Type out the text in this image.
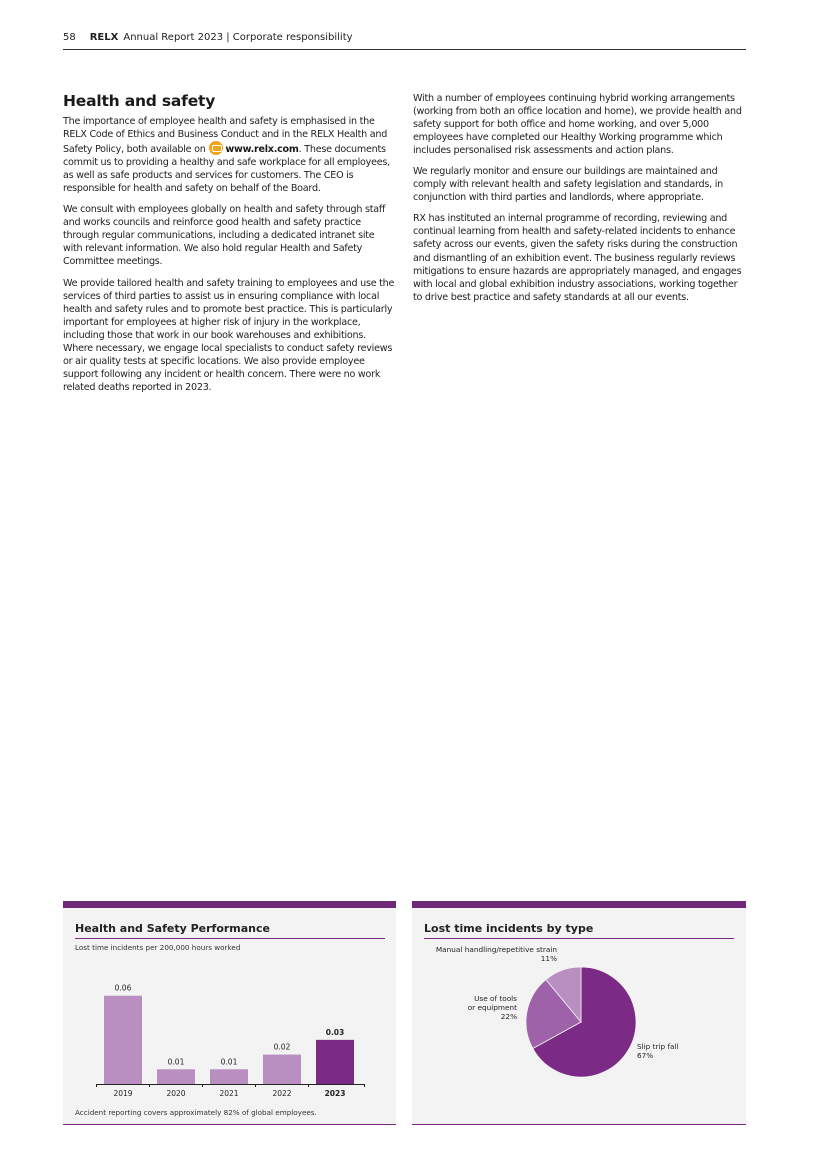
58 RELX Annual Report 2023 | Corporate responsibility
Health and safety

The importance of employee health and safety is emphasised in the RELX Code of Ethics and Business Conduct and in the RELX Health and Safety Policy, both available on www.relx.com. These documents commit us to providing a healthy and safe workplace for all employees, as well as safe products and services for customers. The CEO is responsible for health and safety on behalf of the Board.

We consult with employees globally on health and safety through staff and works councils and reinforce good health and safety practice through regular communications, including a dedicated intranet site with relevant information. We also hold regular Health and Safety Committee meetings.

We provide tailored health and safety training to employees and use the services of third parties to assist us in ensuring compliance with local health and safety rules and to promote best practice. This is particularly important for employees at higher risk of injury in the workplace, including those that work in our book warehouses and exhibitions. Where necessary, we engage local specialists to conduct safety reviews or air quality tests at specific locations. We also provide employee support following any incident or health concern. There were no work related deaths reported in 2023.

With a number of employees continuing hybrid working arrangements (working from both an office location and home), we provide health and safety support for both office and home working, and over 5,000 employees have completed our Healthy Working programme which includes personalised risk assessments and action plans.

We regularly monitor and ensure our buildings are maintained and comply with relevant health and safety legislation and standards, in conjunction with third parties and landlords, where appropriate.

RX has instituted an internal programme of recording, reviewing and continual learning from health and safety-related incidents to enhance safety across our events, given the safety risks during the construction and dismantling of an exhibition event. The business regularly reviews mitigations to ensure hazards are appropriately managed, and engages with local and global exhibition industry associations, working together to drive best practice and safety standards at all our events.

Health and Safety Performance
Lost time incidents per 200,000 hours worked
0.06
2019
0.01
2020
0.01
2021
0.02
2022
0.03
2023
Accident reporting covers approximately 82% of global employees.
Lost time incidents by type
Slip trip fall
67%
Use of tools
or equipment
22%
Manual handling/repetitive strain
11%
